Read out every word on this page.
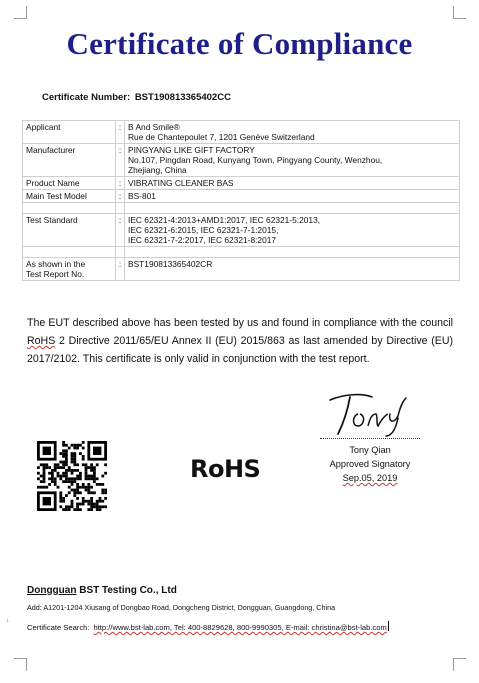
Certificate of Compliance
Certificate Number: BST190813365402CC
Applicant	:	B And Smile®
Rue de Chantepoulet 7, 1201 Genève Switzerland

Manufacturer	:	PINGYANG LIKE GIFT FACTORY
No.107, Pingdan Road, Kunyang Town, Pingyang County, Wenzhou,
Zhejiang, China

Product Name	:	VIBRATING CLEANER BAS

Main Test Model	:	BS-801

Test Standard	:	IEC 62321-4:2013+AMD1:2017, IEC 62321-5:2013,
IEC 62321-6:2015, IEC 62321-7-1:2015,
IEC 62321-7-2:2017, IEC 62321-8:2017

As shown in the
Test Report No.	:	BST190813365402CR
The EUT described above has been tested by us and found in compliance with the council RoHS 2 Directive 2011/65/EU Annex II (EU) 2015/863 as last amended by Directive (EU) 2017/2102. This certificate is only valid in conjunction with the test report.
Tony Qian
Approved Signatory
Sep.05, 2019
RoHS
Dongguan BST Testing Co., Ltd
Add: A1201-1204 Xiusang of Dongbao Road, Dongcheng District, Dongguan, Guangdong, China
Certificate Search: http://www.bst-lab.com, Tel: 400-8829628, 800-9990305, E-mail: christina@bst-lab.com
↓
